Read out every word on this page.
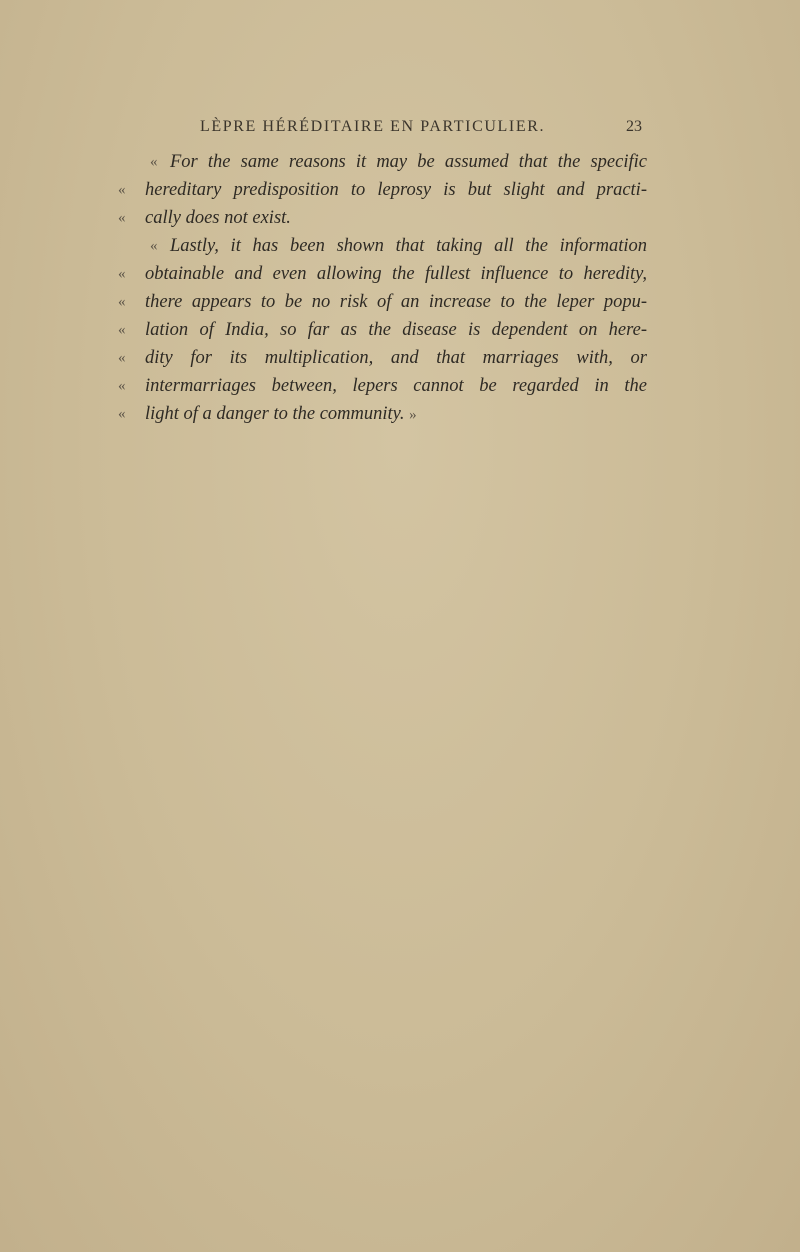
LÈPRE HÉRÉDITAIRE EN PARTICULIER.	23
« For the same reasons it may be assumed that the specific
« hereditary predisposition to leprosy is but slight and practi-
« cally does not exist.
« Lastly, it has been shown that taking all the information
« obtainable and even allowing the fullest influence to heredity,
« there appears to be no risk of an increase to the leper popu-
« lation of India, so far as the disease is dependent on here-
« dity for its multiplication, and that marriages with, or
« intermarriages between, lepers cannot be regarded in the
« light of a danger to the community. »
